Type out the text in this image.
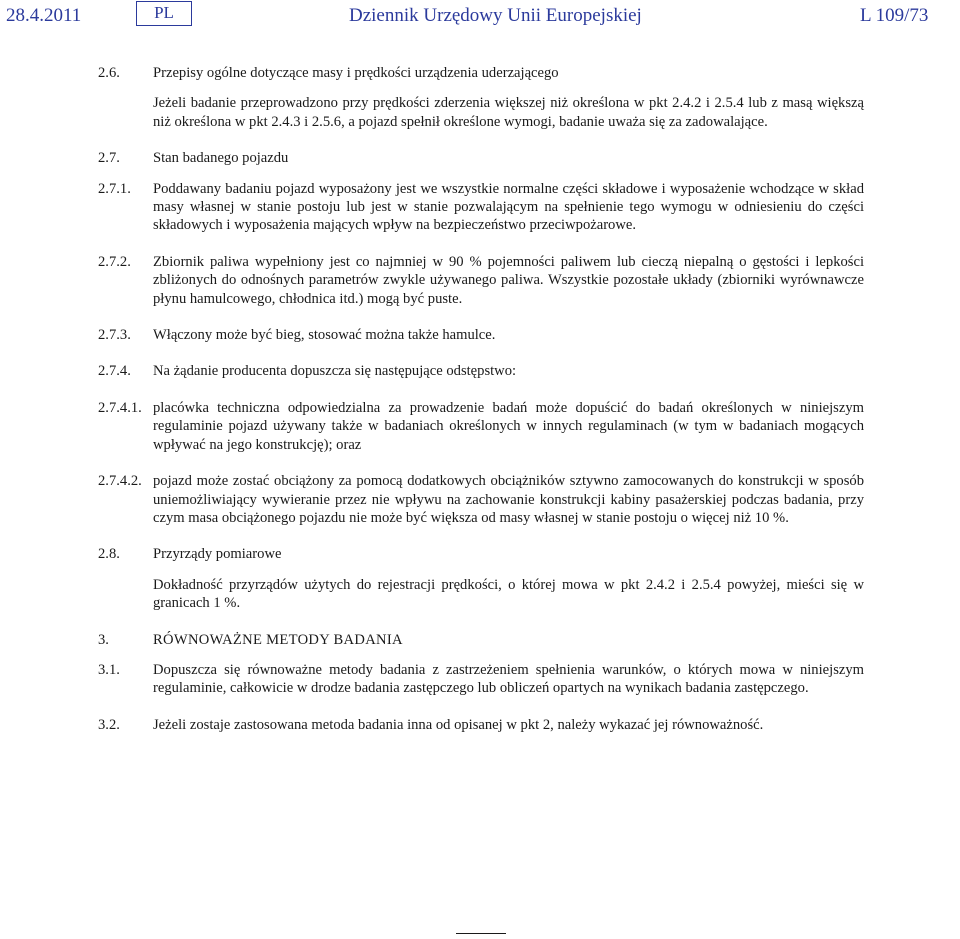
28.4.2011	PL	Dziennik Urzędowy Unii Europejskiej	L 109/73
2.6.	Przepisy ogólne dotyczące masy i prędkości urządzenia uderzającego
Jeżeli badanie przeprowadzono przy prędkości zderzenia większej niż określona w pkt 2.4.2 i 2.5.4 lub z masą większą niż określona w pkt 2.4.3 i 2.5.6, a pojazd spełnił określone wymogi, badanie uważa się za zadowalające.
2.7.	Stan badanego pojazdu
2.7.1.	Poddawany badaniu pojazd wyposażony jest we wszystkie normalne części składowe i wyposażenie wchodzące w skład masy własnej w stanie postoju lub jest w stanie pozwalającym na spełnienie tego wymogu w odniesieniu do części składowych i wyposażenia mających wpływ na bezpieczeństwo przeciwpożarowe.
2.7.2.	Zbiornik paliwa wypełniony jest co najmniej w 90 % pojemności paliwem lub cieczą niepalną o gęstości i lepkości zbliżonych do odnośnych parametrów zwykle używanego paliwa. Wszystkie pozostałe układy (zbiorniki wyrównawcze płynu hamulcowego, chłodnica itd.) mogą być puste.
2.7.3.	Włączony może być bieg, stosować można także hamulce.
2.7.4.	Na żądanie producenta dopuszcza się następujące odstępstwo:
2.7.4.1. placówka techniczna odpowiedzialna za prowadzenie badań może dopuścić do badań określonych w niniejszym regulaminie pojazd używany także w badaniach określonych w innych regulaminach (w tym w badaniach mogących wpływać na jego konstrukcję); oraz
2.7.4.2. pojazd może zostać obciążony za pomocą dodatkowych obciążników sztywno zamocowanych do konstrukcji w sposób uniemożliwiający wywieranie przez nie wpływu na zachowanie konstrukcji kabiny pasażerskiej podczas badania, przy czym masa obciążonego pojazdu nie może być większa od masy własnej w stanie postoju o więcej niż 10 %.
2.8.	Przyrządy pomiarowe
Dokładność przyrządów użytych do rejestracji prędkości, o której mowa w pkt 2.4.2 i 2.5.4 powyżej, mieści się w granicach 1 %.
3.	RÓWNOWAŻNE METODY BADANIA
3.1.	Dopuszcza się równoważne metody badania z zastrzeżeniem spełnienia warunków, o których mowa w niniejszym regulaminie, całkowicie w drodze badania zastępczego lub obliczeń opartych na wynikach badania zastępczego.
3.2.	Jeżeli zostaje zastosowana metoda badania inna od opisanej w pkt 2, należy wykazać jej równoważność.
